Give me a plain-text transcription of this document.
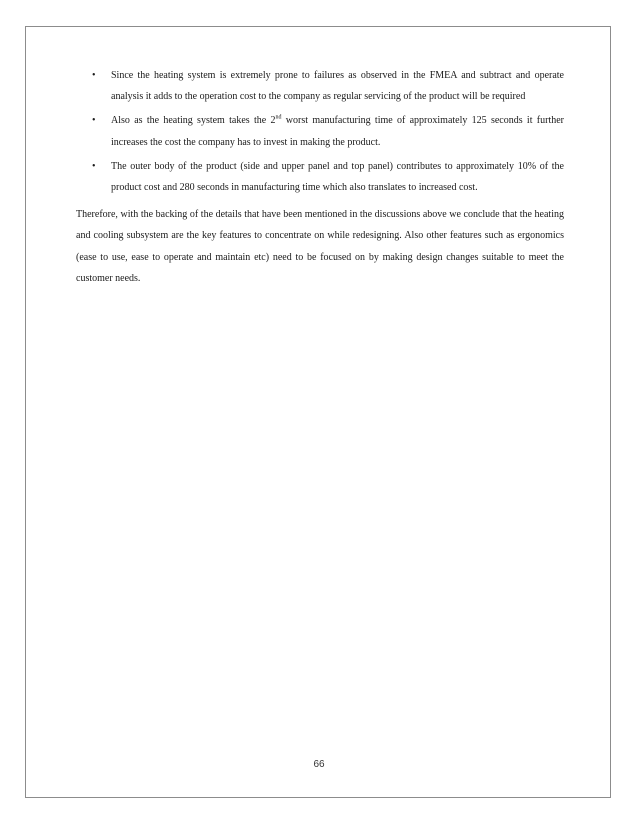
• Since the heating system is extremely prone to failures as observed in the FMEA and subtract and operate analysis it adds to the operation cost to the company as regular servicing of the product will be required
• Also as the heating system takes the 2nd worst manufacturing time of approximately 125 seconds it further increases the cost the company has to invest in making the product.
• The outer body of the product (side and upper panel and top panel) contributes to approximately 10% of the product cost and 280 seconds in manufacturing time which also translates to increased cost.

Therefore, with the backing of the details that have been mentioned in the discussions above we conclude that the heating and cooling subsystem are the key features to concentrate on while redesigning. Also other features such as ergonomics (ease to use, ease to operate and maintain etc) need to be focused on by making design changes suitable to meet the customer needs.

66
